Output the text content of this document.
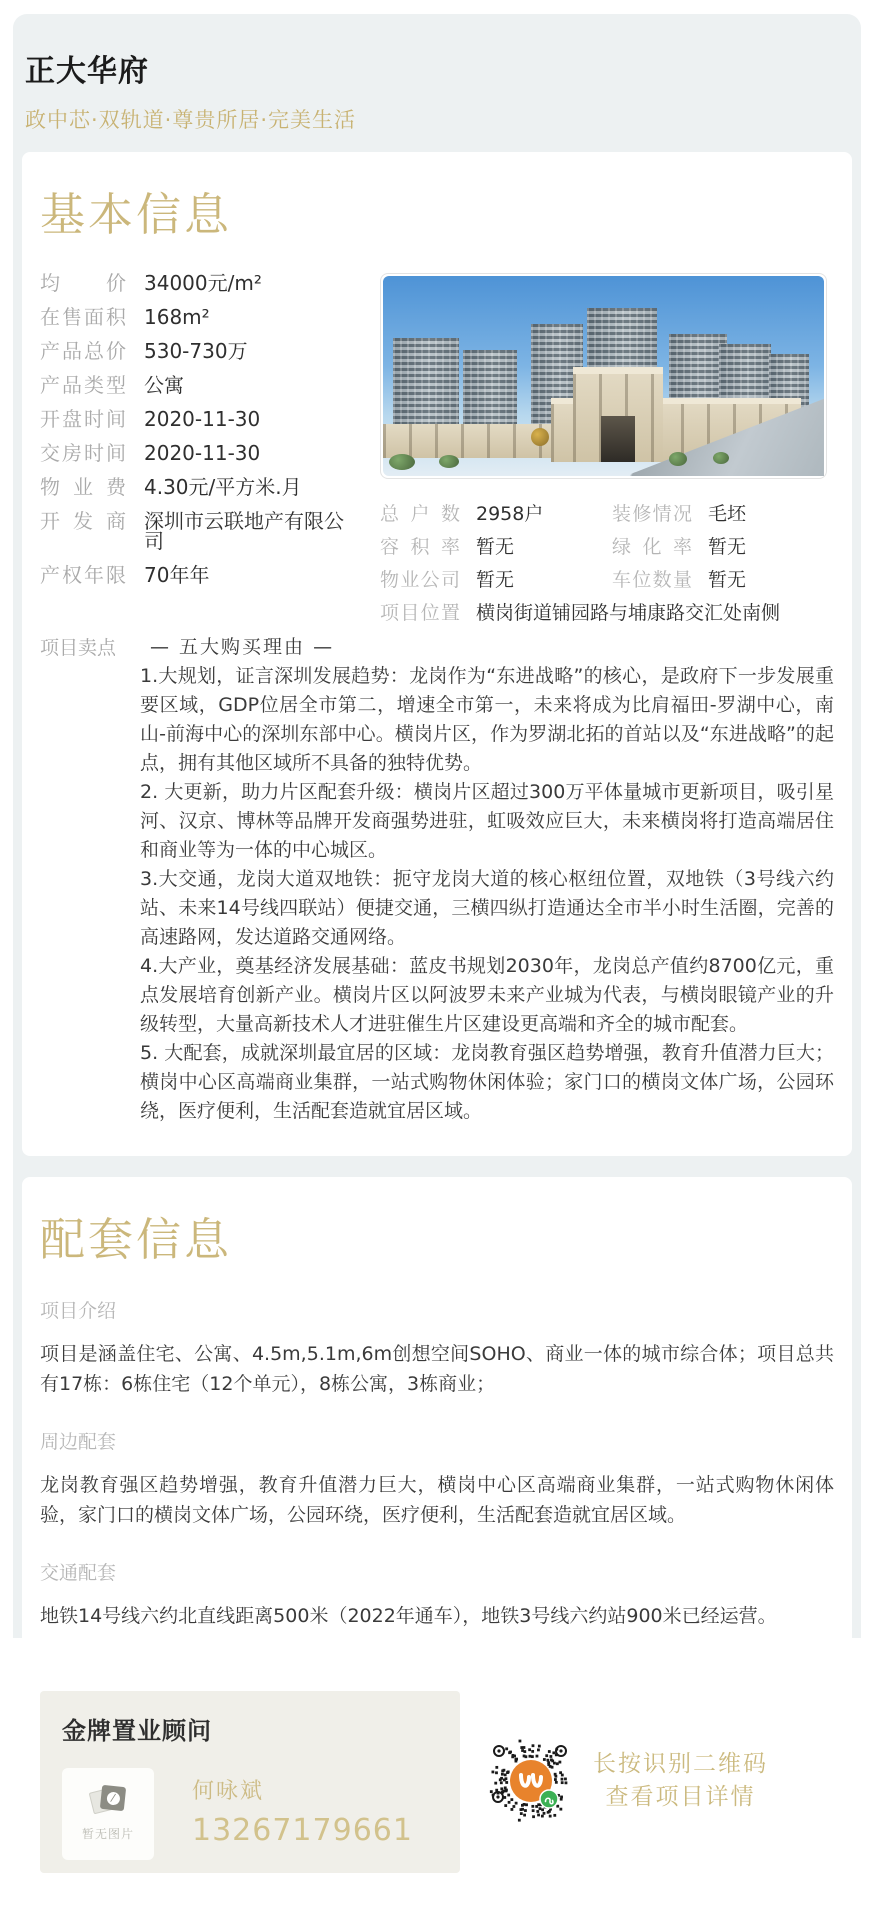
正大华府
政中芯·双轨道·尊贵所居·完美生活
基本信息
均价 34000元/m²
在售面积 168m²
产品总价 530-730万
产品类型 公寓
开盘时间 2020-11-30
交房时间 2020-11-30
物业费 4.30元/平方米.月
开发商 深圳市云联地产有限公司
产权年限 70年年
总户数 2958户	装修情况 毛坯
容积率 暂无	绿化率 暂无
物业公司 暂无	车位数量 暂无
项目位置 横岗街道铺园路与埔康路交汇处南侧
项目卖点	— 五大购买理由 —

1.大规划，证言深圳发展趋势：龙岗作为“东进战略”的核心，是政府下一步发展重要区域，GDP位居全市第二，增速全市第一，未来将成为比肩福田-罗湖中心，南山-前海中心的深圳东部中心。横岗片区，作为罗湖北拓的首站以及“东进战略”的起点，拥有其他区域所不具备的独特优势。

2. 大更新，助力片区配套升级：横岗片区超过300万平体量城市更新项目，吸引星河、汉京、博林等品牌开发商强势进驻，虹吸效应巨大，未来横岗将打造高端居住和商业等为一体的中心城区。

3.大交通，龙岗大道双地铁：扼守龙岗大道的核心枢纽位置，双地铁（3号线六约站、未来14号线四联站）便捷交通，三横四纵打造通达全市半小时生活圈，完善的高速路网，发达道路交通网络。

4.大产业，奠基经济发展基础：蓝皮书规划2030年，龙岗总产值约8700亿元，重点发展培育创新产业。横岗片区以阿波罗未来产业城为代表，与横岗眼镜产业的升级转型，大量高新技术人才进驻催生片区建设更高端和齐全的城市配套。

5. 大配套，成就深圳最宜居的区域：龙岗教育强区趋势增强，教育升值潜力巨大；横岗中心区高端商业集群，一站式购物休闲体验；家门口的横岗文体广场，公园环绕，医疗便利，生活配套造就宜居区域。

配套信息
项目介绍
项目是涵盖住宅、公寓、4.5m,5.1m,6m创想空间SOHO、商业一体的城市综合体；项目总共有17栋：6栋住宅（12个单元），8栋公寓，3栋商业；
周边配套
龙岗教育强区趋势增强，教育升值潜力巨大，横岗中心区高端商业集群，一站式购物休闲体验，家门口的横岗文体广场，公园环绕，医疗便利，生活配套造就宜居区域。
交通配套
地铁14号线六约北直线距离500米（2022年通车），地铁3号线六约站900米已经运营。
金牌置业顾问
/
暂无图片
何咏斌
13267179661
长按识别二维码
查看项目详情
